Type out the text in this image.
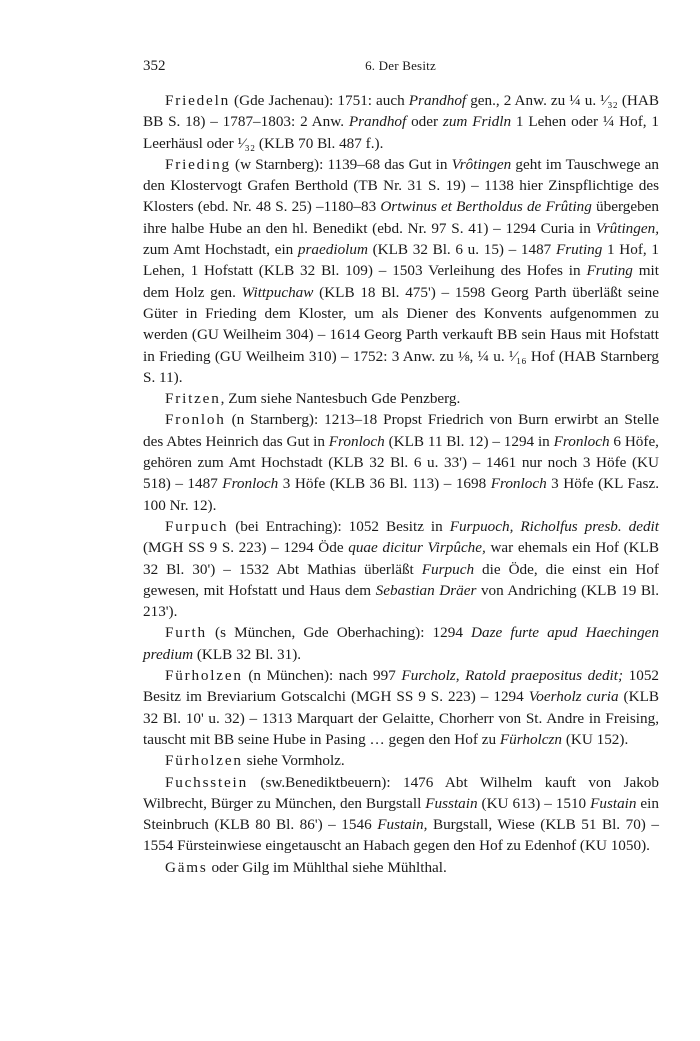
352	6. Der Besitz

Friedeln (Gde Jachenau): 1751: auch Prandhof gen., 2 Anw. zu ¼ u. ¹⁄₃₂ (HAB BB S. 18) – 1787–1803: 2 Anw. Prandhof oder zum Fridln 1 Lehen oder ¼ Hof, 1 Leerhäusl oder ¹⁄₃₂ (KLB 70 Bl. 487 f.).

Frieding (w Starnberg): 1139–68 das Gut in Vrôtingen geht im Tauschwege an den Klostervogt Grafen Berthold (TB Nr. 31 S. 19) – 1138 hier Zinspflichtige des Klosters (ebd. Nr. 48 S. 25) –1180–83 Ortwinus et Bertholdus de Frûting übergeben ihre halbe Hube an den hl. Benedikt (ebd. Nr. 97 S. 41) – 1294 Curia in Vrûtingen, zum Amt Hochstadt, ein praediolum (KLB 32 Bl. 6 u. 15) – 1487 Fruting 1 Hof, 1 Lehen, 1 Hofstatt (KLB 32 Bl. 109) – 1503 Verleihung des Hofes in Fruting mit dem Holz gen. Wittpuchaw (KLB 18 Bl. 475') – 1598 Georg Parth überläßt seine Güter in Frieding dem Kloster, um als Diener des Konvents aufgenommen zu werden (GU Weilheim 304) – 1614 Georg Parth verkauft BB sein Haus mit Hofstatt in Frieding (GU Weilheim 310) – 1752: 3 Anw. zu ⅛, ¼ u. ¹⁄₁₆ Hof (HAB Starnberg S. 11).

Fritzen, Zum siehe Nantesbuch Gde Penzberg.

Fronloh (n Starnberg): 1213–18 Propst Friedrich von Burn erwirbt an Stelle des Abtes Heinrich das Gut in Fronloch (KLB 11 Bl. 12) – 1294 in Fronloch 6 Höfe, gehören zum Amt Hochstadt (KLB 32 Bl. 6 u. 33') – 1461 nur noch 3 Höfe (KU 518) – 1487 Fronloch 3 Höfe (KLB 36 Bl. 113) – 1698 Fronloch 3 Höfe (KL Fasz. 100 Nr. 12).

Furpuch (bei Entraching): 1052 Besitz in Furpuoch, Richolfus presb. dedit (MGH SS 9 S. 223) – 1294 Öde quae dicitur Virpûche, war ehemals ein Hof (KLB 32 Bl. 30') – 1532 Abt Mathias überläßt Furpuch die Öde, die einst ein Hof gewesen, mit Hofstatt und Haus dem Sebastian Dräer von Andriching (KLB 19 Bl. 213').

Furth (s München, Gde Oberhaching): 1294 Daze furte apud Haechingen predium (KLB 32 Bl. 31).

Fürholzen (n München): nach 997 Furcholz, Ratold praepositus dedit; 1052 Besitz im Breviarium Gotscalchi (MGH SS 9 S. 223) – 1294 Voerholz curia (KLB 32 Bl. 10' u. 32) – 1313 Marquart der Gelaitte, Chorherr von St. Andre in Freising, tauscht mit BB seine Hube in Pasing … gegen den Hof zu Fürholczn (KU 152).

Fürholzen siehe Vormholz.

Fuchsstein (sw.Benediktbeuern): 1476 Abt Wilhelm kauft von Jakob Wilbrecht, Bürger zu München, den Burgstall Fusstain (KU 613) – 1510 Fustain ein Steinbruch (KLB 80 Bl. 86') – 1546 Fustain, Burgstall, Wiese (KLB 51 Bl. 70) – 1554 Fürsteinwiese eingetauscht an Habach gegen den Hof zu Edenhof (KU 1050).

Gäms oder Gilg im Mühlthal siehe Mühlthal.
